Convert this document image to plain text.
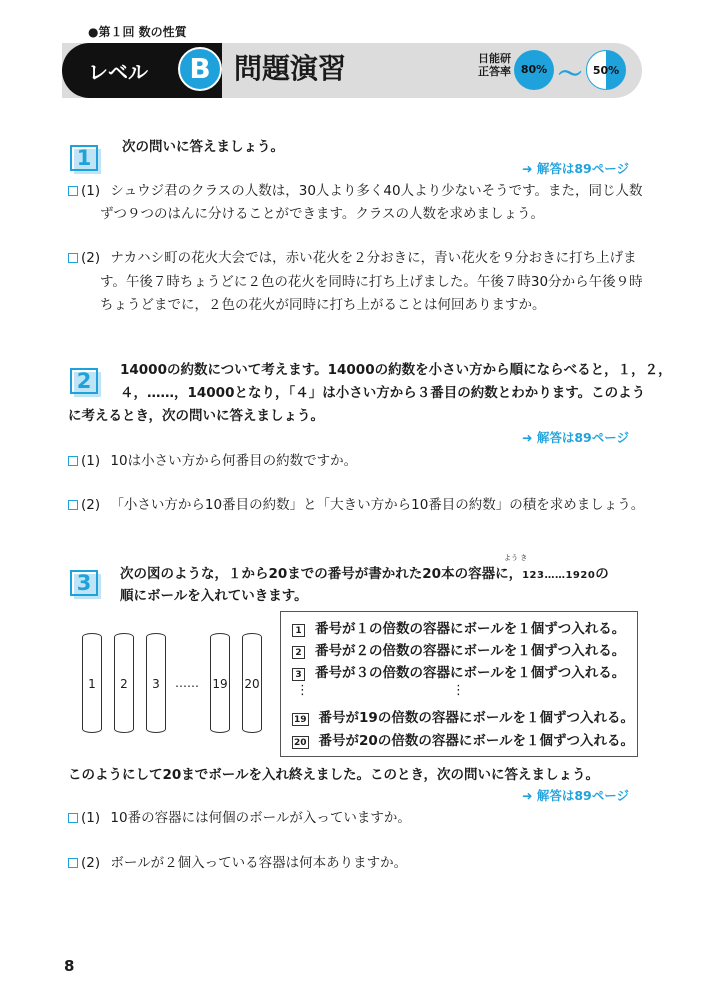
●第１回 数の性質
レベル	B 問題演習	日能研
正答率 80% 〜 50%
1	次の問いに答えましょう。
➜ 解答は89ページ
(1) シュウジ君のクラスの人数は，30人より多く40人より少ないそうです。また，同じ人数
ずつ９つのはんに分けることができます。クラスの人数を求めましょう。
(2) ナカハシ町の花火大会では，赤い花火を２分おきに，青い花火を９分おきに打ち上げま
す。午後７時ちょうどに２色の花火を同時に打ち上げました。午後７時30分から午後９時
ちょうどまでに，２色の花火が同時に打ち上がることは何回ありますか。
2	14000の約数について考えます。14000の約数を小さい方から順にならべると，１，２，
４，……，14000となり，「４」は小さい方から３番目の約数とわかります。このよう
に考えるとき，次の問いに答えましょう。
➜ 解答は89ページ
(1) 10は小さい方から何番目の約数ですか。
(2) 「小さい方から10番目の約数」と「大きい方から10番目の約数」の積を求めましょう。
3
よう き
次の図のような，１から20までの番号が書かれた20本の容器に，123……1920の
順にボールを入れていきます。
1	2	3	…… 19 20
1 番号が１の倍数の容器にボールを１個ずつ入れる。
2 番号が２の倍数の容器にボールを１個ずつ入れる。
3 番号が３の倍数の容器にボールを１個ずつ入れる。
⋮	⋮
19 番号が19の倍数の容器にボールを１個ずつ入れる。
20 番号が20の倍数の容器にボールを１個ずつ入れる。
このようにして20までボールを入れ終えました。このとき，次の問いに答えましょう。
➜ 解答は89ページ
(1) 10番の容器には何個のボールが入っていますか。
(2) ボールが２個入っている容器は何本ありますか。
8
